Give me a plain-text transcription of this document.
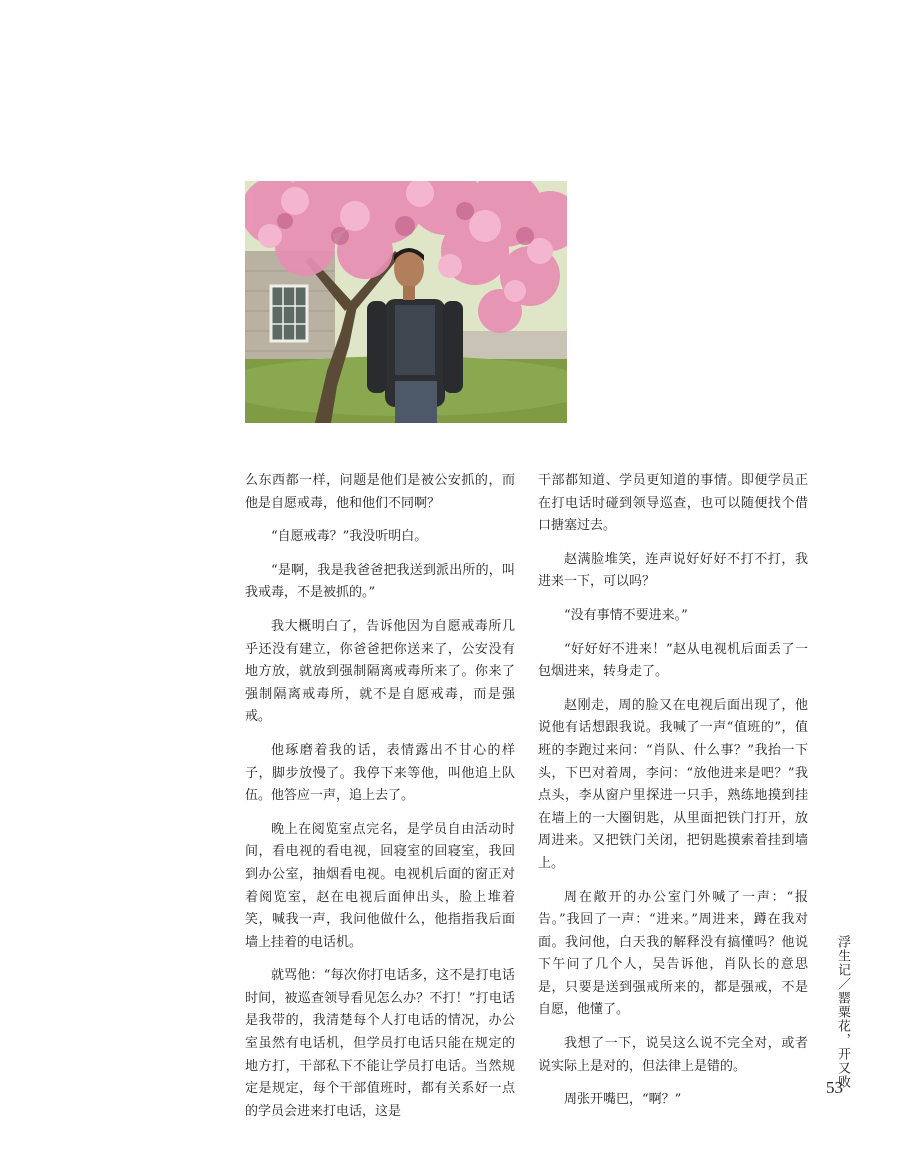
么东西都一样，问题是他们是被公安抓的，而他是自愿戒毒，他和他们不同啊？

“自愿戒毒？”我没听明白。

“是啊，我是我爸爸把我送到派出所的，叫我戒毒，不是被抓的。”

我大概明白了，告诉他因为自愿戒毒所几乎还没有建立，你爸爸把你送来了，公安没有地方放，就放到强制隔离戒毒所来了。你来了强制隔离戒毒所，就不是自愿戒毒，而是强戒。

他琢磨着我的话，表情露出不甘心的样子，脚步放慢了。我停下来等他，叫他追上队伍。他答应一声，追上去了。

晚上在阅览室点完名，是学员自由活动时间，看电视的看电视，回寝室的回寝室，我回到办公室，抽烟看电视。电视机后面的窗正对着阅览室，赵在电视后面伸出头，脸上堆着笑，喊我一声，我问他做什么，他指指我后面墙上挂着的电话机。

就骂他：“每次你打电话多，这不是打电话时间，被巡查领导看见怎么办？不打！”打电话是我带的，我清楚每个人打电话的情况，办公室虽然有电话机，但学员打电话只能在规定的地方打，干部私下不能让学员打电话。当然规定是规定，每个干部值班时，都有关系好一点的学员会进来打电话，这是

干部都知道、学员更知道的事情。即便学员正在打电话时碰到领导巡查，也可以随便找个借口搪塞过去。

赵满脸堆笑，连声说好好好不打不打，我进来一下，可以吗？

“没有事情不要进来。”

“好好好不进来！”赵从电视机后面丢了一包烟进来，转身走了。

赵刚走，周的脸又在电视后面出现了，他说他有话想跟我说。我喊了一声“值班的”，值班的李跑过来问：“肖队、什么事？”我抬一下头，下巴对着周，李问：“放他进来是吧？”我点头，李从窗户里探进一只手，熟练地摸到挂在墙上的一大圈钥匙，从里面把铁门打开，放周进来。又把铁门关闭，把钥匙摸索着挂到墙上。

周在敞开的办公室门外喊了一声：“报告。”我回了一声：“进来。”周进来，蹲在我对面。我问他，白天我的解释没有搞懂吗？他说下午问了几个人，吴告诉他，肖队长的意思是，只要是送到强戒所来的，都是强戒，不是自愿，他懂了。

我想了一下，说吴这么说不完全对，或者说实际上是对的，但法律上是错的。

周张开嘴巴，“啊？”

浮生记／罂粟花，开又败
53
